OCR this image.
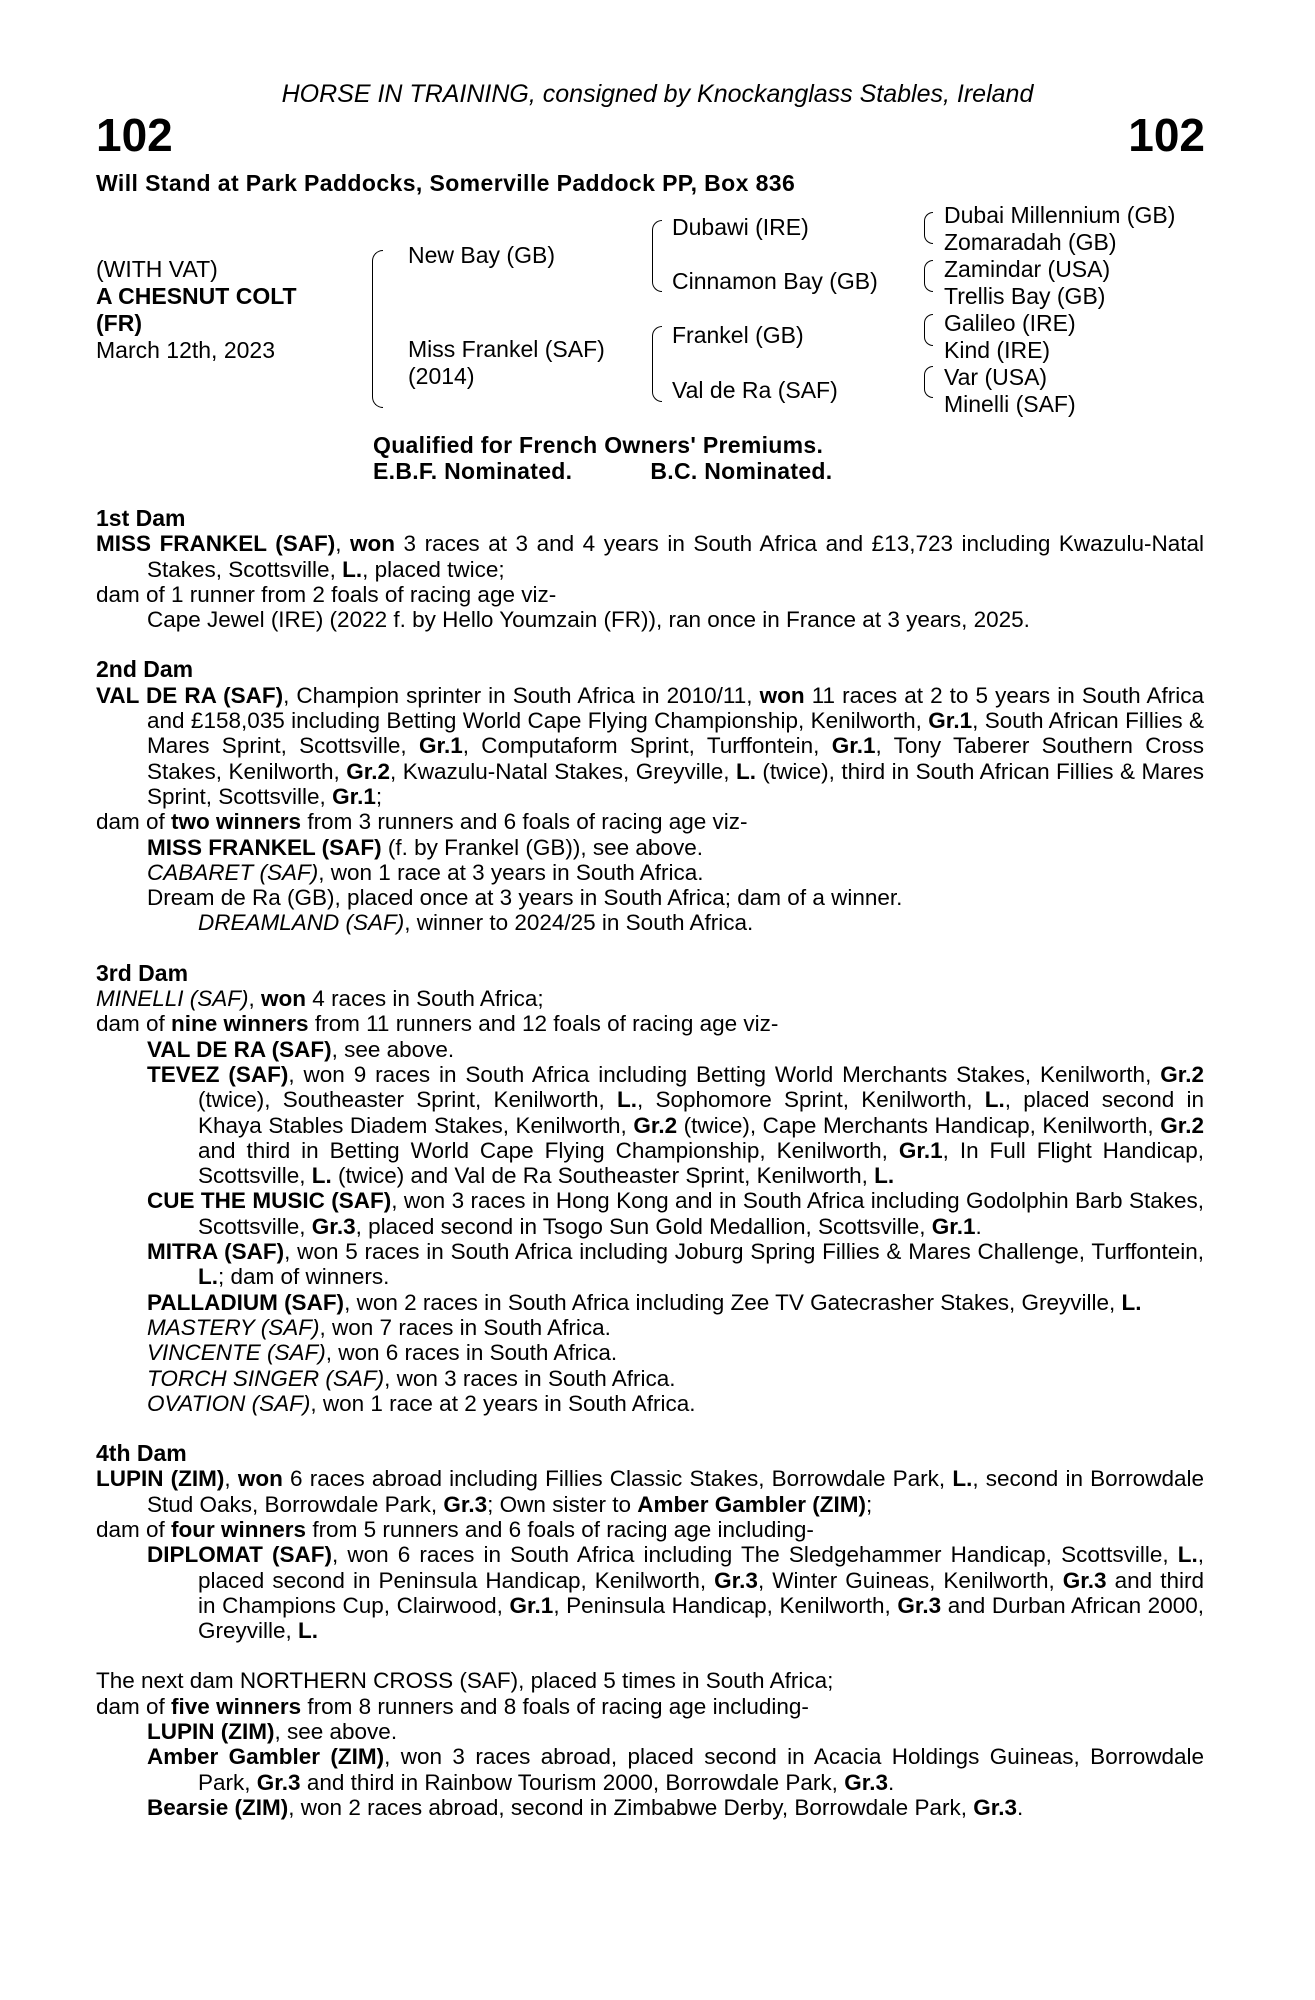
HORSE IN TRAINING, consigned by Knockanglass Stables, Ireland
102	102
Will Stand at Park Paddocks, Somerville Paddock PP, Box 836
(WITH VAT)
A CHESNUT COLT
(FR)
March 12th, 2023
New Bay (GB)
Miss Frankel (SAF)
(2014)
Dubawi (IRE)
Cinnamon Bay (GB)
Frankel (GB)
Val de Ra (SAF)
Dubai Millennium (GB)
Zomaradah (GB)
Zamindar (USA)
Trellis Bay (GB)
Galileo (IRE)
Kind (IRE)
Var (USA)
Minelli (SAF)
Qualified for French Owners' Premiums.
E.B.F. Nominated.	B.C. Nominated.

1st Dam

MISS FRANKEL (SAF), won 3 races at 3 and 4 years in South Africa and £13,723 including Kwazulu-Natal Stakes, Scottsville, L., placed twice;

dam of 1 runner from 2 foals of racing age viz-

Cape Jewel (IRE) (2022 f. by Hello Youmzain (FR)), ran once in France at 3 years, 2025.

2nd Dam

VAL DE RA (SAF), Champion sprinter in South Africa in 2010/11, won 11 races at 2 to 5 years in South Africa and £158,035 including Betting World Cape Flying Championship, Kenilworth, Gr.1, South African Fillies & Mares Sprint, Scottsville, Gr.1, Computaform Sprint, Turffontein, Gr.1, Tony Taberer Southern Cross Stakes, Kenilworth, Gr.2, Kwazulu-Natal Stakes, Greyville, L. (twice), third in South African Fillies & Mares Sprint, Scottsville, Gr.1;

dam of two winners from 3 runners and 6 foals of racing age viz-

MISS FRANKEL (SAF) (f. by Frankel (GB)), see above.

CABARET (SAF), won 1 race at 3 years in South Africa.

Dream de Ra (GB), placed once at 3 years in South Africa; dam of a winner.

DREAMLAND (SAF), winner to 2024/25 in South Africa.

3rd Dam

MINELLI (SAF), won 4 races in South Africa;

dam of nine winners from 11 runners and 12 foals of racing age viz-

VAL DE RA (SAF), see above.

TEVEZ (SAF), won 9 races in South Africa including Betting World Merchants Stakes, Kenilworth, Gr.2 (twice), Southeaster Sprint, Kenilworth, L., Sophomore Sprint, Kenilworth, L., placed second in Khaya Stables Diadem Stakes, Kenilworth, Gr.2 (twice), Cape Merchants Handicap, Kenilworth, Gr.2 and third in Betting World Cape Flying Championship, Kenilworth, Gr.1, In Full Flight Handicap, Scottsville, L. (twice) and Val de Ra Southeaster Sprint, Kenilworth, L.

CUE THE MUSIC (SAF), won 3 races in Hong Kong and in South Africa including Godolphin Barb Stakes, Scottsville, Gr.3, placed second in Tsogo Sun Gold Medallion, Scottsville, Gr.1.

MITRA (SAF), won 5 races in South Africa including Joburg Spring Fillies & Mares Challenge, Turffontein, L.; dam of winners.

PALLADIUM (SAF), won 2 races in South Africa including Zee TV Gatecrasher Stakes, Greyville, L.

MASTERY (SAF), won 7 races in South Africa.

VINCENTE (SAF), won 6 races in South Africa.

TORCH SINGER (SAF), won 3 races in South Africa.

OVATION (SAF), won 1 race at 2 years in South Africa.

4th Dam

LUPIN (ZIM), won 6 races abroad including Fillies Classic Stakes, Borrowdale Park, L., second in Borrowdale Stud Oaks, Borrowdale Park, Gr.3; Own sister to Amber Gambler (ZIM);

dam of four winners from 5 runners and 6 foals of racing age including-

DIPLOMAT (SAF), won 6 races in South Africa including The Sledgehammer Handicap, Scottsville, L., placed second in Peninsula Handicap, Kenilworth, Gr.3, Winter Guineas, Kenilworth, Gr.3 and third in Champions Cup, Clairwood, Gr.1, Peninsula Handicap, Kenilworth, Gr.3 and Durban African 2000, Greyville, L.

The next dam NORTHERN CROSS (SAF), placed 5 times in South Africa;

dam of five winners from 8 runners and 8 foals of racing age including-

LUPIN (ZIM), see above.

Amber Gambler (ZIM), won 3 races abroad, placed second in Acacia Holdings Guineas, Borrowdale Park, Gr.3 and third in Rainbow Tourism 2000, Borrowdale Park, Gr.3.

Bearsie (ZIM), won 2 races abroad, second in Zimbabwe Derby, Borrowdale Park, Gr.3.
